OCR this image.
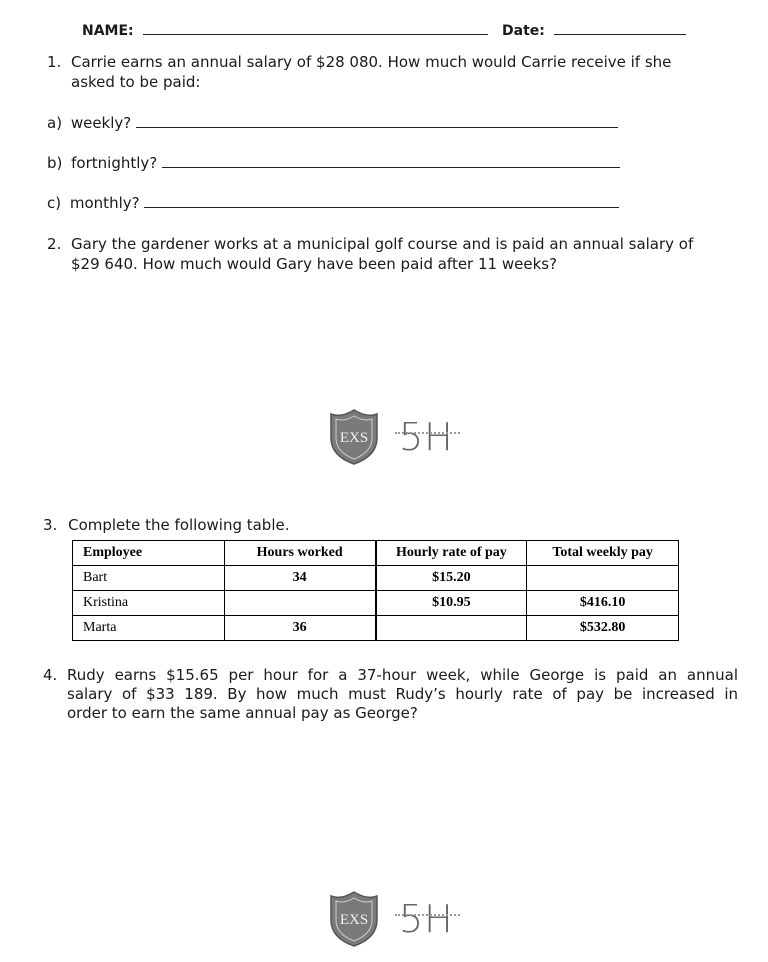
NAME:	Date:
1. Carrie earns an annual salary of $28 080. How much would Carrie receive if she
asked to be paid:
a) weekly?
b) fortnightly?
c) monthly?
2. Gary the gardener works at a municipal golf course and is paid an annual salary of
$29 640. How much would Gary have been paid after 11 weeks?
EXS 5H
3. Complete the following table.
Employee	Hours worked	Hourly rate of pay	Total weekly pay
Bart	34	$15.20	
Kristina		$10.95	$416.10
Marta	36		$532.80
4. Rudy earns $15.65 per hour for a 37-hour week, while George is paid an annual
salary of $33 189. By how much must Rudy’s hourly rate of pay be increased in
order to earn the same annual pay as George?
EXS 5H
